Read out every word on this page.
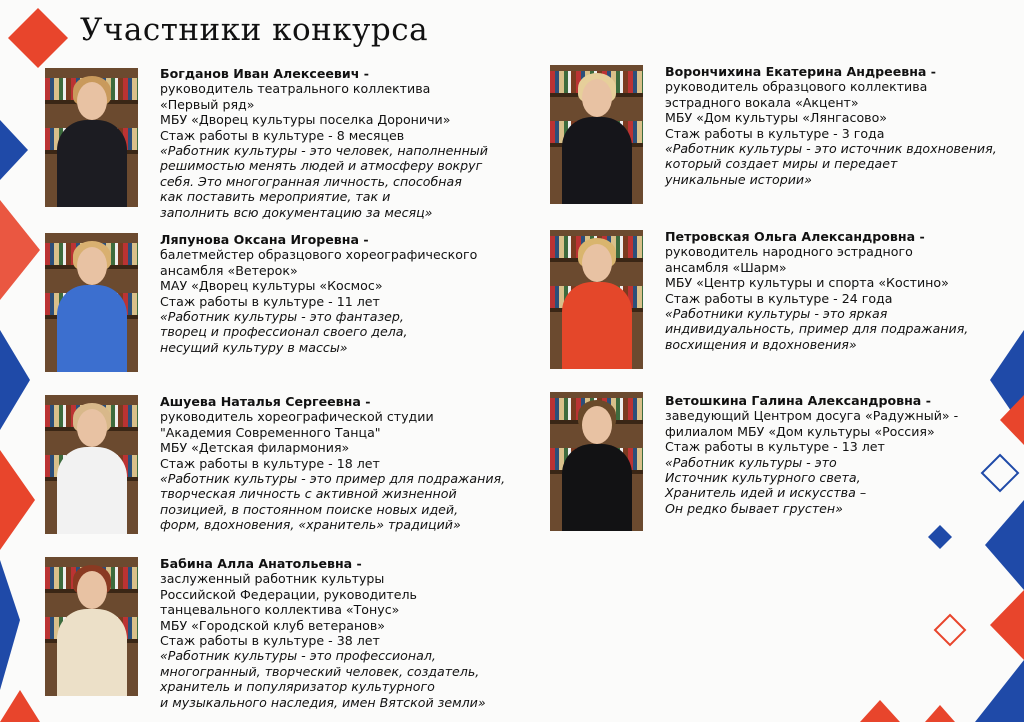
Участники конкурса
Богданов Иван Алексеевич -
руководитель театрального коллектива
«Первый ряд»
МБУ «Дворец культуры поселка Дороничи»
Стаж работы в культуре - 8 месяцев
«Работник культуры - это человек, наполненный
решимостью менять людей и атмосферу вокруг
себя. Это многогранная личность, способная
как поставить мероприятие, так и
заполнить всю документацию за месяц»
Ляпунова Оксана Игоревна -
балетмейстер образцового хореографического
ансамбля «Ветерок»
МАУ «Дворец культуры «Космос»
Стаж работы в культуре - 11 лет
«Работник культуры - это фантазер,
творец и профессионал своего дела,
несущий культуру в массы»
Ашуева Наталья Сергеевна -
руководитель хореографической студии
"Академия Современного Танца"
МБУ «Детская филармония»
Стаж работы в культуре - 18 лет
«Работник культуры - это пример для подражания,
творческая личность с активной жизненной
позицией, в постоянном поиске новых идей,
форм, вдохновения, «хранитель» традиций»
Бабина Алла Анатольевна -
заслуженный работник культуры
Российской Федерации, руководитель
танцевального коллектива «Тонус»
МБУ «Городской клуб ветеранов»
Стаж работы в культуре - 38 лет
«Работник культуры - это профессионал,
многогранный, творческий человек, создатель,
хранитель и популяризатор культурного
и музыкального наследия, имен Вятской земли»
Ворончихина Екатерина Андреевна -
руководитель образцового коллектива
эстрадного вокала «Акцент»
МБУ «Дом культуры «Лянгасово»
Стаж работы в культуре - 3 года
«Работник культуры - это источник вдохновения,
который создает миры и передает
уникальные истории»
Петровская Ольга Александровна -
руководитель народного эстрадного
ансамбля «Шарм»
МБУ «Центр культуры и спорта «Костино»
Стаж работы в культуре - 24 года
«Работники культуры - это яркая
индивидуальность, пример для подражания,
восхищения и вдохновения»
Ветошкина Галина Александровна -
заведующий Центром досуга «Радужный» -
филиалом МБУ «Дом культуры «Россия»
Стаж работы в культуре - 13 лет
«Работник культуры - это
Источник культурного света,
Хранитель идей и искусства –
Он редко бывает грустен»
